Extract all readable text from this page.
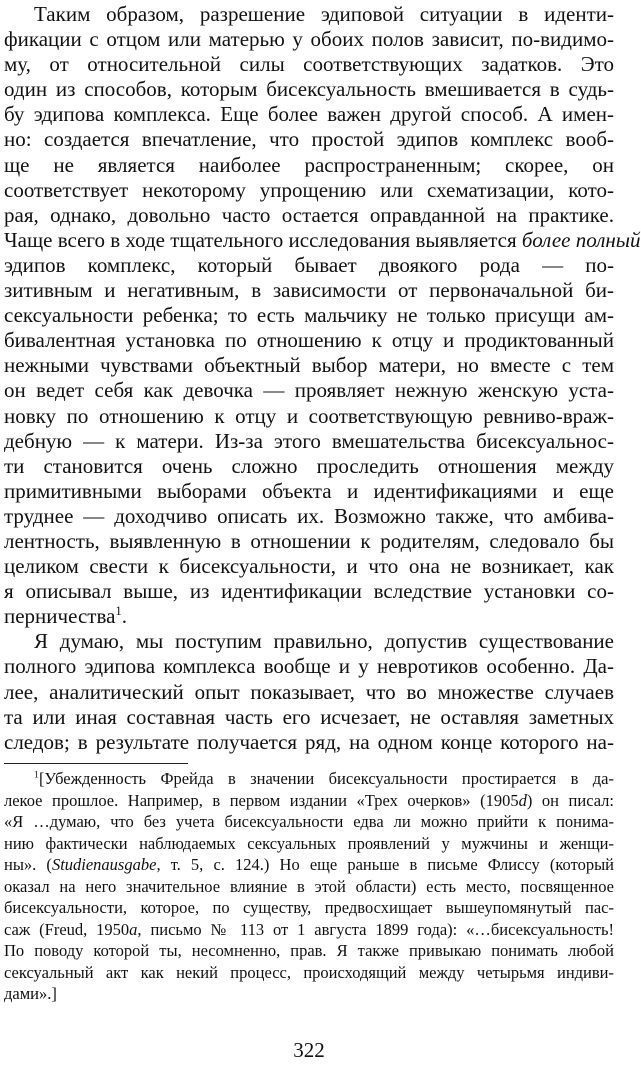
Таким образом, разрешение эдиповой ситуации в иденти-
фикации с отцом или матерью у обоих полов зависит, по-видимо-
му, от относительной силы соответствующих задатков. Это
один из способов, которым бисексуальность вмешивается в судь-
бу эдипова комплекса. Еще более важен другой способ. А имен-
но: создается впечатление, что простой эдипов комплекс вооб-
ще не является наиболее распространенным; скорее, он
соответствует некоторому упрощению или схематизации, кото-
рая, однако, довольно часто остается оправданной на практике.
Чаще всего в ходе тщательного исследования выявляется более полный
эдипов комплекс, который бывает двоякого рода — по-
зитивным и негативным, в зависимости от первоначальной би-
сексуальности ребенка; то есть мальчику не только присущи ам-
бивалентная установка по отношению к отцу и продиктованный
нежными чувствами объектный выбор матери, но вместе с тем
он ведет себя как девочка — проявляет нежную женскую уста-
новку по отношению к отцу и соответствующую ревниво-враж-
дебную — к матери. Из-за этого вмешательства бисексуальнос-
ти становится очень сложно проследить отношения между
примитивными выборами объекта и идентификациями и еще
труднее — доходчиво описать их. Возможно также, что амбива-
лентность, выявленную в отношении к родителям, следовало бы
целиком свести к бисексуальности, и что она не возникает, как
я описывал выше, из идентификации вследствие установки со-
перничества$^1$.
Я думаю, мы поступим правильно, допустив существование
полного эдипова комплекса вообще и у невротиков особенно. Да-
лее, аналитический опыт показывает, что во множестве случаев
та или иная составная часть его исчезает, не оставляя заметных
следов; в результате получается ряд, на одном конце которого на-
$^1$[Убежденность Фрейда в значении бисексуальности простирается в да-
лекое прошлое. Например, в первом издании «Трех очерков» (1905d) он писал:
«Я …думаю, что без учета бисексуальности едва ли можно прийти к понима-
нию фактически наблюдаемых сексуальных проявлений у мужчины и женщи-
ны». (Studienausgabe, т. 5, с. 124.) Но еще раньше в письме Флиссу (который
оказал на него значительное влияние в этой области) есть место, посвященное
бисексуальности, которое, по существу, предвосхищает вышеупомянутый пас-
саж (Freud, 1950a, письмо № 113 от 1 августа 1899 года): «…бисексуальность!
По поводу которой ты, несомненно, прав. Я также привыкаю понимать любой
сексуальный акт как некий процесс, происходящий между четырьмя индиви-
дами».]
322
